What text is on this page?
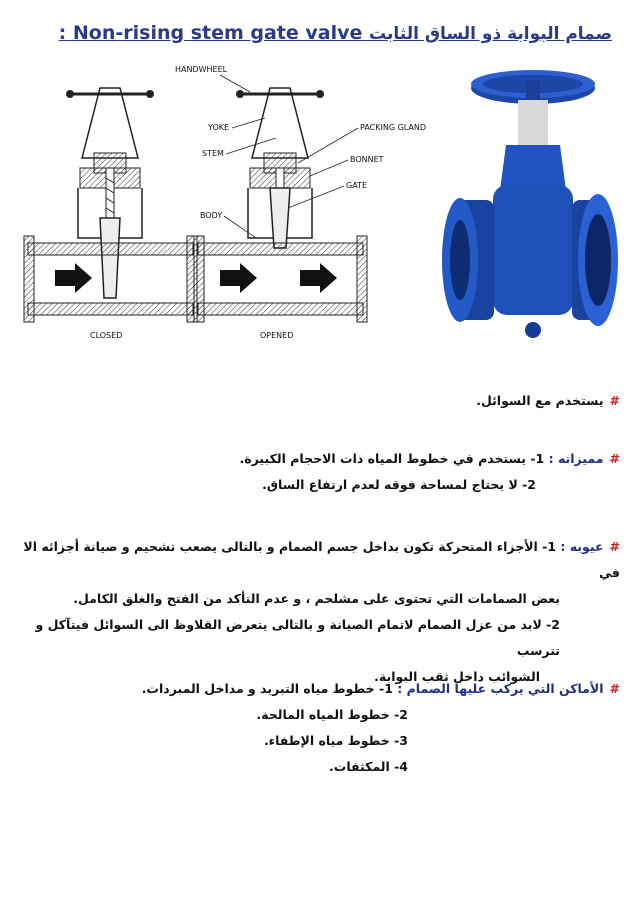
صمام البوابة ذو الساق الثابت Non-rising stem gate valve :
CLOSED	OPENED
HANDWHEEL
YOKE
STEM
PACKING GLAND
BONNET
GATE
BODY
#يستخدم مع السوائل.
#مميزاته : 1- يستخدم في خطوط المياه ذات الاحجام الكبيرة.
2- لا يحتاج لمساحة فوقه لعدم ارتفاع الساق.
#عيوبه : 1- الأجزاء المتحركة تكون بداخل جسم الصمام و بالتالى يصعب تشحيم و صيانة أجزائه الا في
بعض الصمامات التي تحتوى على مشلحم ، و عدم التأكد من الفتح والغلق الكامل.
2- لابد من عزل الصمام لاتمام الصيانة و بالتالى يتعرض القلاوظ الى السوائل فيتآكل و تترسب
الشوائب داخل ثقب البوابة.
#الأماكن التي يركب عليها الصمام : 1- خطوط مياه التبريد و مداخل المبردات.
2- خطوط المياه المالحة.
3- خطوط مياه الإطفاء.
4- المكثفات.
